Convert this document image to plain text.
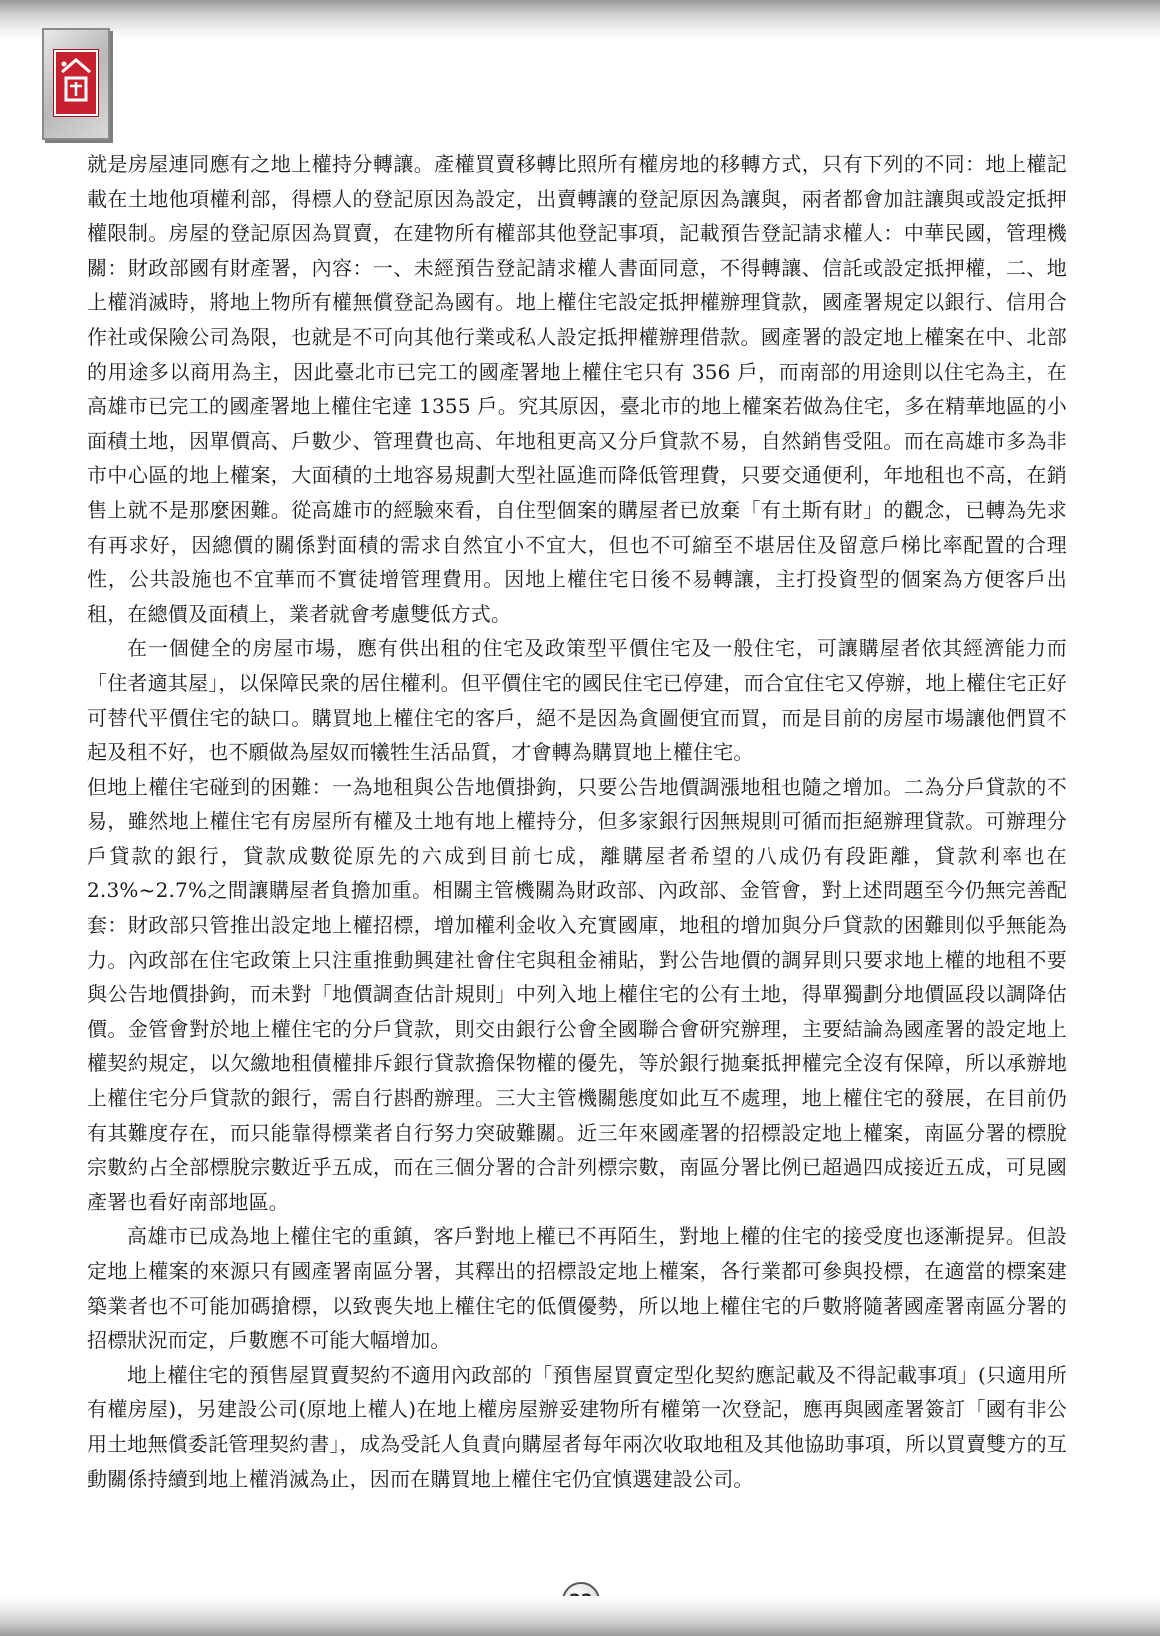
就是房屋連同應有之地上權持分轉讓。產權買賣移轉比照所有權房地的移轉方式，只有下列的不同：地上權記載在土地他項權利部，得標人的登記原因為設定，出賣轉讓的登記原因為讓與，兩者都會加註讓與或設定抵押權限制。房屋的登記原因為買賣，在建物所有權部其他登記事項，記載預告登記請求權人：中華民國，管理機關：財政部國有財產署，內容：一、未經預告登記請求權人書面同意，不得轉讓、信託或設定抵押權，二、地上權消滅時，將地上物所有權無償登記為國有。地上權住宅設定抵押權辦理貸款，國產署規定以銀行、信用合作社或保險公司為限，也就是不可向其他行業或私人設定抵押權辦理借款。國產署的設定地上權案在中、北部的用途多以商用為主，因此臺北市已完工的國產署地上權住宅只有 356 戶，而南部的用途則以住宅為主，在高雄市已完工的國產署地上權住宅達 1355 戶。究其原因，臺北市的地上權案若做為住宅，多在精華地區的小面積土地，因單價高、戶數少、管理費也高、年地租更高又分戶貸款不易，自然銷售受阻。而在高雄市多為非市中心區的地上權案，大面積的土地容易規劃大型社區進而降低管理費，只要交通便利，年地租也不高，在銷售上就不是那麼困難。從高雄市的經驗來看，自住型個案的購屋者已放棄「有土斯有財」的觀念，已轉為先求有再求好，因總價的關係對面積的需求自然宜小不宜大，但也不可縮至不堪居住及留意戶梯比率配置的合理性，公共設施也不宜華而不實徒增管理費用。因地上權住宅日後不易轉讓，主打投資型的個案為方便客戶出租，在總價及面積上，業者就會考慮雙低方式。

在一個健全的房屋市場，應有供出租的住宅及政策型平價住宅及一般住宅，可讓購屋者依其經濟能力而「住者適其屋」，以保障民衆的居住權利。但平價住宅的國民住宅已停建，而合宜住宅又停辦，地上權住宅正好可替代平價住宅的缺口。購買地上權住宅的客戶，絕不是因為貪圖便宜而買，而是目前的房屋市場讓他們買不起及租不好，也不願做為屋奴而犧牲生活品質，才會轉為購買地上權住宅。

但地上權住宅碰到的困難：一為地租與公告地價掛鉤，只要公告地價調漲地租也隨之增加。二為分戶貸款的不易，雖然地上權住宅有房屋所有權及土地有地上權持分，但多家銀行因無規則可循而拒絕辦理貸款。可辦理分戶貸款的銀行，貸款成數從原先的六成到目前七成，離購屋者希望的八成仍有段距離，貸款利率也在 2.3%~2.7%之間讓購屋者負擔加重。相關主管機關為財政部、內政部、金管會，對上述問題至今仍無完善配套：財政部只管推出設定地上權招標，增加權利金收入充實國庫，地租的增加與分戶貸款的困難則似乎無能為力。內政部在住宅政策上只注重推動興建社會住宅與租金補貼，對公告地價的調昇則只要求地上權的地租不要與公告地價掛鉤，而未對「地價調查估計規則」中列入地上權住宅的公有土地，得單獨劃分地價區段以調降估價。金管會對於地上權住宅的分戶貸款，則交由銀行公會全國聯合會研究辦理，主要結論為國產署的設定地上權契約規定，以欠繳地租債權排斥銀行貸款擔保物權的優先，等於銀行拋棄抵押權完全沒有保障，所以承辦地上權住宅分戶貸款的銀行，需自行斟酌辦理。三大主管機關態度如此互不處理，地上權住宅的發展，在目前仍有其難度存在，而只能靠得標業者自行努力突破難關。近三年來國產署的招標設定地上權案，南區分署的標脫宗數約占全部標脫宗數近乎五成，而在三個分署的合計列標宗數，南區分署比例已超過四成接近五成，可見國產署也看好南部地區。

高雄市已成為地上權住宅的重鎮，客戶對地上權已不再陌生，對地上權的住宅的接受度也逐漸提昇。但設定地上權案的來源只有國產署南區分署，其釋出的招標設定地上權案，各行業都可參與投標，在適當的標案建築業者也不可能加碼搶標，以致喪失地上權住宅的低價優勢，所以地上權住宅的戶數將隨著國產署南區分署的招標狀況而定，戶數應不可能大幅增加。

地上權住宅的預售屋買賣契約不適用內政部的「預售屋買賣定型化契約應記載及不得記載事項」(只適用所有權房屋)，另建設公司(原地上權人)在地上權房屋辦妥建物所有權第一次登記，應再與國產署簽訂「國有非公用土地無償委託管理契約書」，成為受託人負責向購屋者每年兩次收取地租及其他協助事項，所以買賣雙方的互動關係持續到地上權消滅為止，因而在購買地上權住宅仍宜慎選建設公司。
